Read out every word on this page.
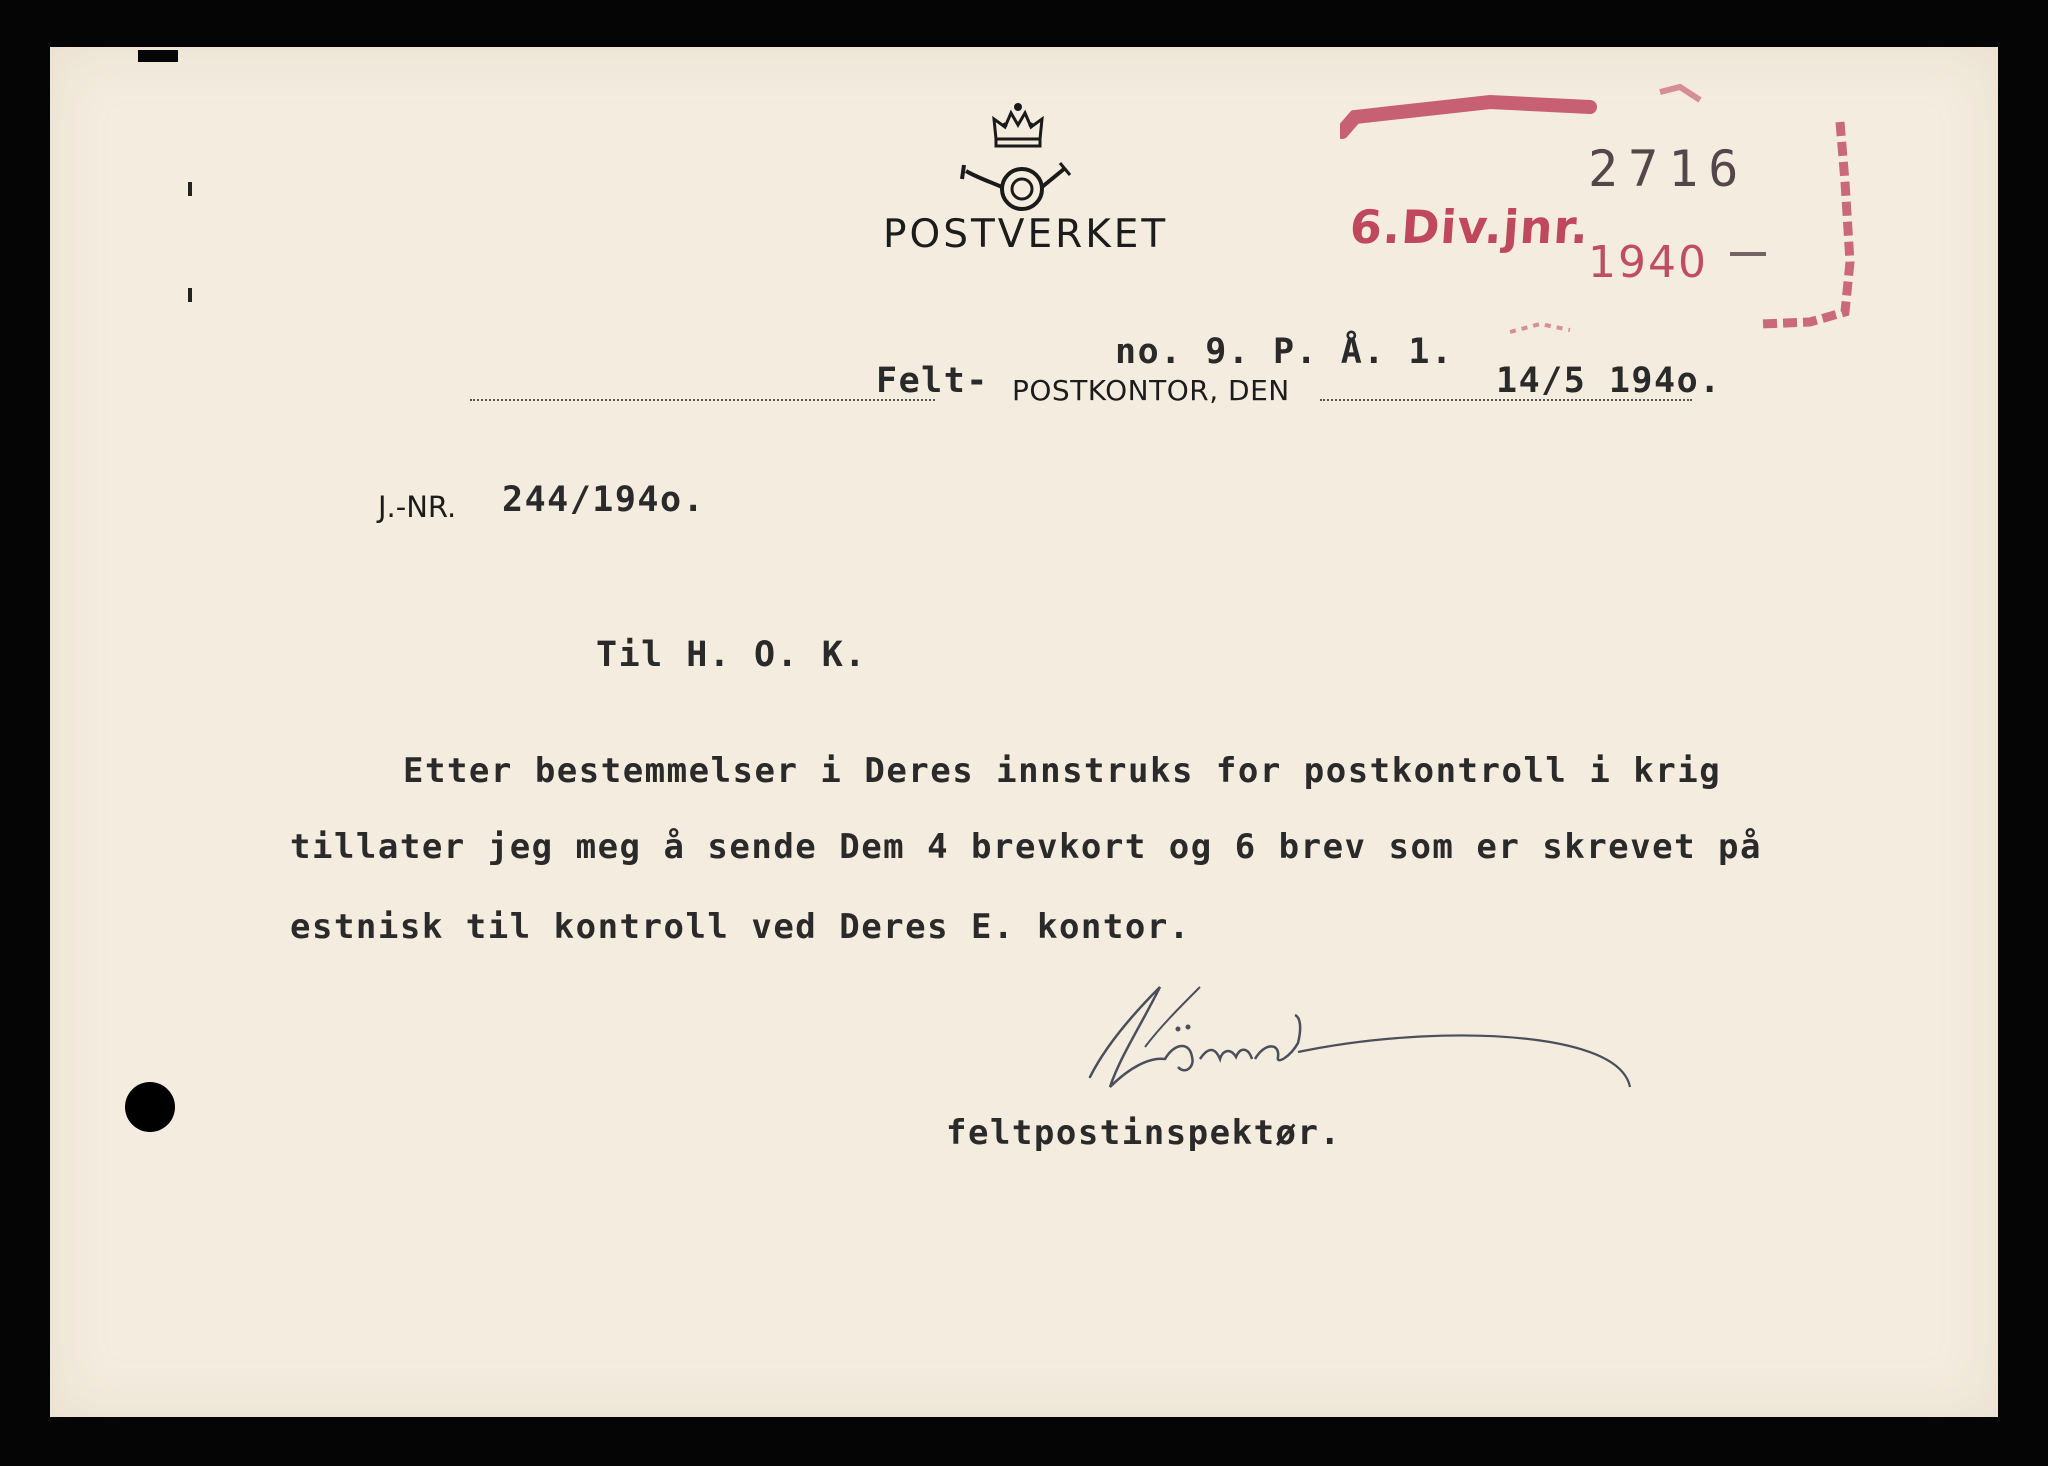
POSTVERKET	6.Div.jnr.
2716
1940
no. 9. P. Å. 1.
Felt- POSTKONTOR, DEN	14/5 194o.
J.-NR. 244/194o.
Til H. O. K.
Etter bestemmelser i Deres innstruks for postkontroll i krig
tillater jeg meg å sende Dem 4 brevkort og 6 brev som er skrevet på
estnisk til kontroll ved Deres E. kontor.
feltpostinspektør.
